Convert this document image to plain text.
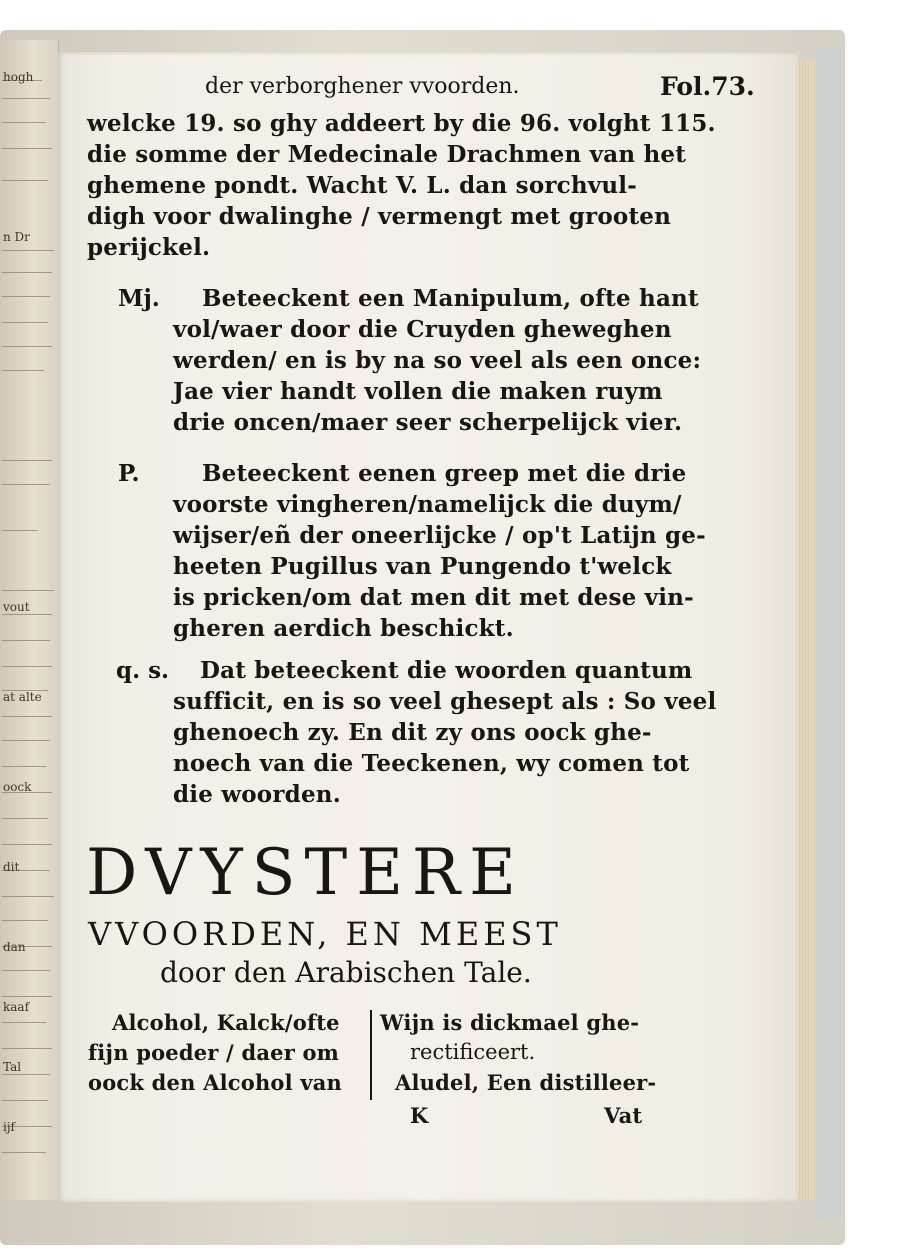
der verborghener vvoorden.	Fol.73.
welcke 19. so ghy addeert by die 96. volght 115.
die somme der Medecinale Drachmen van het
ghemene pondt. Wacht V. L. dan sorchvul-
digh voor dwalinghe / vermengt met grooten
perijckel.
Mj. Beteeckent een Manipulum, ofte hant
vol/waer door die Cruyden gheweghen
werden/ en is by na so veel als een once:
Jae vier handt vollen die maken ruym
drie oncen/maer seer scherpelijck vier.
P.	Beteeckent eenen greep met die drie
voorste vingheren/namelijck die duym/
wijser/eñ der oneerlijcke / op't Latijn ge-
heeten Pugillus van Pungendo t'welck
is pricken/om dat men dit met dese vin-
gheren aerdich beschickt.
q. s. Dat beteeckent die woorden quantum
sufficit, en is so veel ghesept als : So veel
ghenoech zy. En dit zy ons oock ghe-
noech van die Teeckenen, wy comen tot
die woorden.
DVYSTERE
VVOORDEN, EN MEEST
door den Arabischen Tale.
Alcohol, Kalck/ofte
fijn poeder / daer om
oock den Alcohol van
Wijn is dickmael ghe-
rectificeert.
Aludel, Een distilleer-
K	Vat
hogh
n Dr
vout
at alte
oock
dit
dan
kaaf
Tal
ijf
